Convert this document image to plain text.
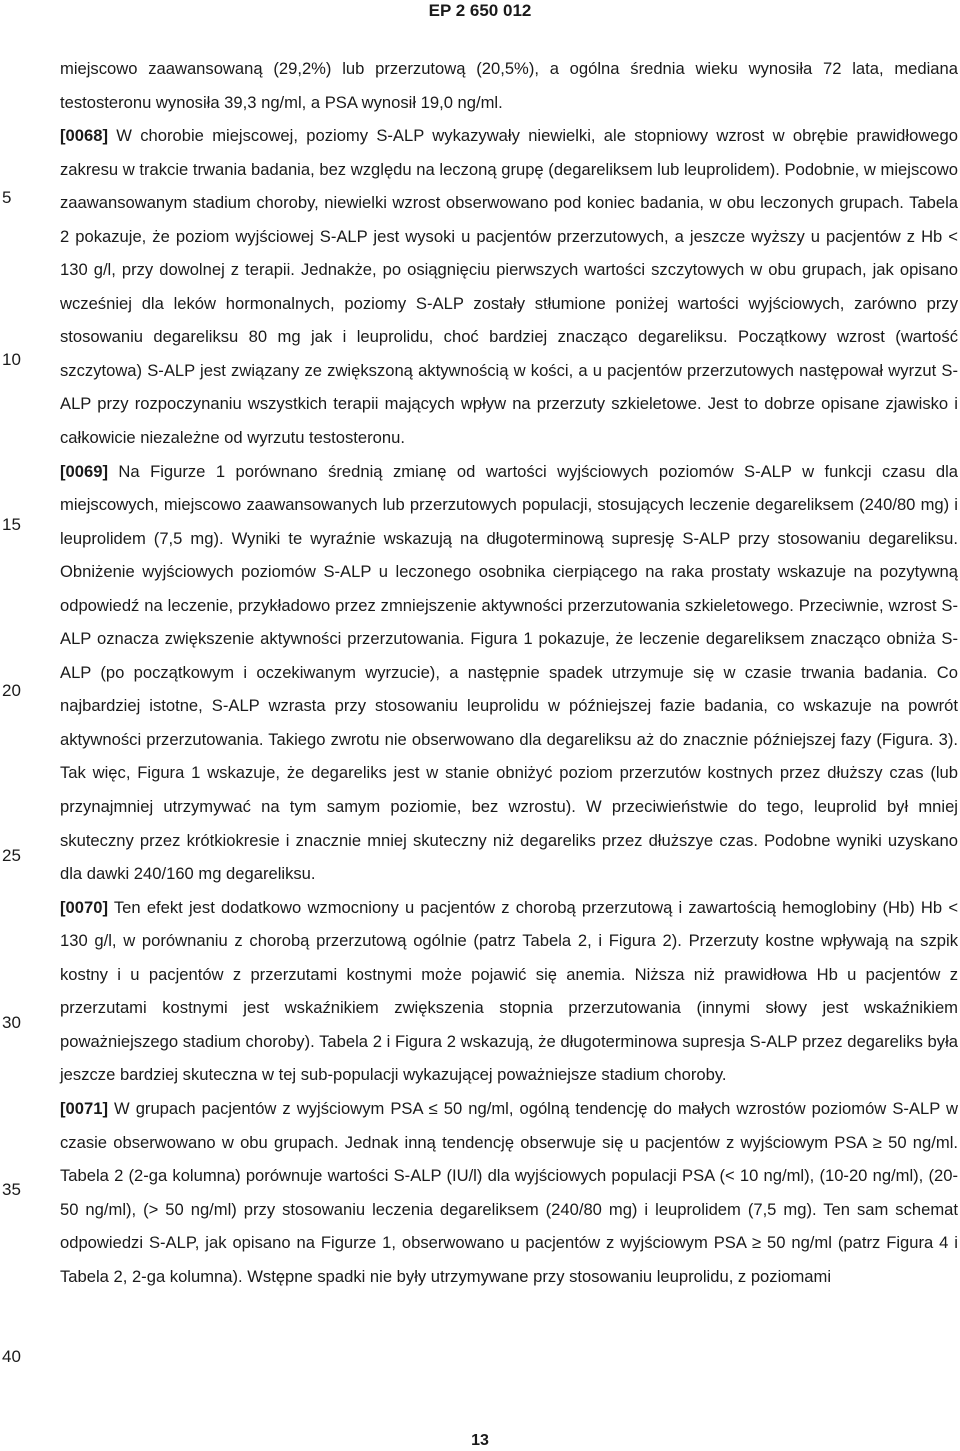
EP 2 650 012
5
10
15
20
25
30
35
40

miejscowo zaawansowaną (29,2%) lub przerzutową (20,5%), a ogólna średnia wieku wynosiła 72 lata, mediana testosteronu wynosiła 39,3 ng/ml, a PSA wynosił 19,0 ng/ml.

[0068] W chorobie miejscowej, poziomy S-ALP wykazywały niewielki, ale stopniowy wzrost w obrębie prawidłowego zakresu w trakcie trwania badania, bez względu na leczoną grupę (degareliksem lub leuprolidem). Podobnie, w miejscowo zaawansowanym stadium choroby, niewielki wzrost obserwowano pod koniec badania, w obu leczonych grupach. Tabela 2 pokazuje, że poziom wyjściowej S-ALP jest wysoki u pacjentów przerzutowych, a jeszcze wyższy u pacjentów z Hb < 130 g/l, przy dowolnej z terapii. Jednakże, po osiągnięciu pierwszych wartości szczytowych w obu grupach, jak opisano wcześniej dla leków hormonalnych, poziomy S-ALP zostały stłumione poniżej wartości wyjściowych, zarówno przy stosowaniu degareliksu 80 mg jak i leuprolidu, choć bardziej znacząco degareliksu. Początkowy wzrost (wartość szczytowa) S-ALP jest związany ze zwiększoną aktywnością w kości, a u pacjentów przerzutowych następował wyrzut S-ALP przy rozpoczynaniu wszystkich terapii mających wpływ na przerzuty szkieletowe. Jest to dobrze opisane zjawisko i całkowicie niezależne od wyrzutu testosteronu.

[0069] Na Figurze 1 porównano średnią zmianę od wartości wyjściowych poziomów S-ALP w funkcji czasu dla miejscowych, miejscowo zaawansowanych lub przerzutowych populacji, stosujących leczenie degareliksem (240/80 mg) i leuprolidem (7,5 mg). Wyniki te wyraźnie wskazują na długoterminową supresję S-ALP przy stosowaniu degareliksu. Obniżenie wyjściowych poziomów S-ALP u leczonego osobnika cierpiącego na raka prostaty wskazuje na pozytywną odpowiedź na leczenie, przykładowo przez zmniejszenie aktywności przerzutowania szkieletowego. Przeciwnie, wzrost S-ALP oznacza zwiększenie aktywności przerzutowania. Figura 1 pokazuje, że leczenie degareliksem znacząco obniża S-ALP (po początkowym i oczekiwanym wyrzucie), a następnie spadek utrzymuje się w czasie trwania badania. Co najbardziej istotne, S-ALP wzrasta przy stosowaniu leuprolidu w późniejszej fazie badania, co wskazuje na powrót aktywności przerzutowania. Takiego zwrotu nie obserwowano dla degareliksu aż do znacznie późniejszej fazy (Figura. 3). Tak więc, Figura 1 wskazuje, że degareliks jest w stanie obniżyć poziom przerzutów kostnych przez dłuższy czas (lub przynajmniej utrzymywać na tym samym poziomie, bez wzrostu). W przeciwieństwie do tego, leuprolid był mniej skuteczny przez krótkiokresie i znacznie mniej skuteczny niż degareliks przez dłuższye czas. Podobne wyniki uzyskano dla dawki 240/160 mg degareliksu.

[0070] Ten efekt jest dodatkowo wzmocniony u pacjentów z chorobą przerzutową i zawartością hemoglobiny (Hb) Hb < 130 g/l, w porównaniu z chorobą przerzutową ogólnie (patrz Tabela 2, i Figura 2). Przerzuty kostne wpływają na szpik kostny i u pacjentów z przerzutami kostnymi może pojawić się anemia. Niższa niż prawidłowa Hb u pacjentów z przerzutami kostnymi jest wskaźnikiem zwiększenia stopnia przerzutowania (innymi słowy jest wskaźnikiem poważniejszego stadium choroby). Tabela 2 i Figura 2 wskazują, że długoterminowa supresja S-ALP przez degareliks była jeszcze bardziej skuteczna w tej sub-populacji wykazującej poważniejsze stadium choroby.

[0071] W grupach pacjentów z wyjściowym PSA ≤ 50 ng/ml, ogólną tendencję do małych wzrostów poziomów S-ALP w czasie obserwowano w obu grupach. Jednak inną tendencję obserwuje się u pacjentów z wyjściowym PSA ≥ 50 ng/ml. Tabela 2 (2-ga kolumna) porównuje wartości S-ALP (IU/l) dla wyjściowych populacji PSA (< 10 ng/ml), (10-20 ng/ml), (20-50 ng/ml), (> 50 ng/ml) przy stosowaniu leczenia degareliksem (240/80 mg) i leuprolidem (7,5 mg). Ten sam schemat odpowiedzi S-ALP, jak opisano na Figurze 1, obserwowano u pacjentów z wyjściowym PSA ≥ 50 ng/ml (patrz Figura 4 i Tabela 2, 2-ga kolumna). Wstępne spadki nie były utrzymywane przy stosowaniu leuprolidu, z poziomami

13
